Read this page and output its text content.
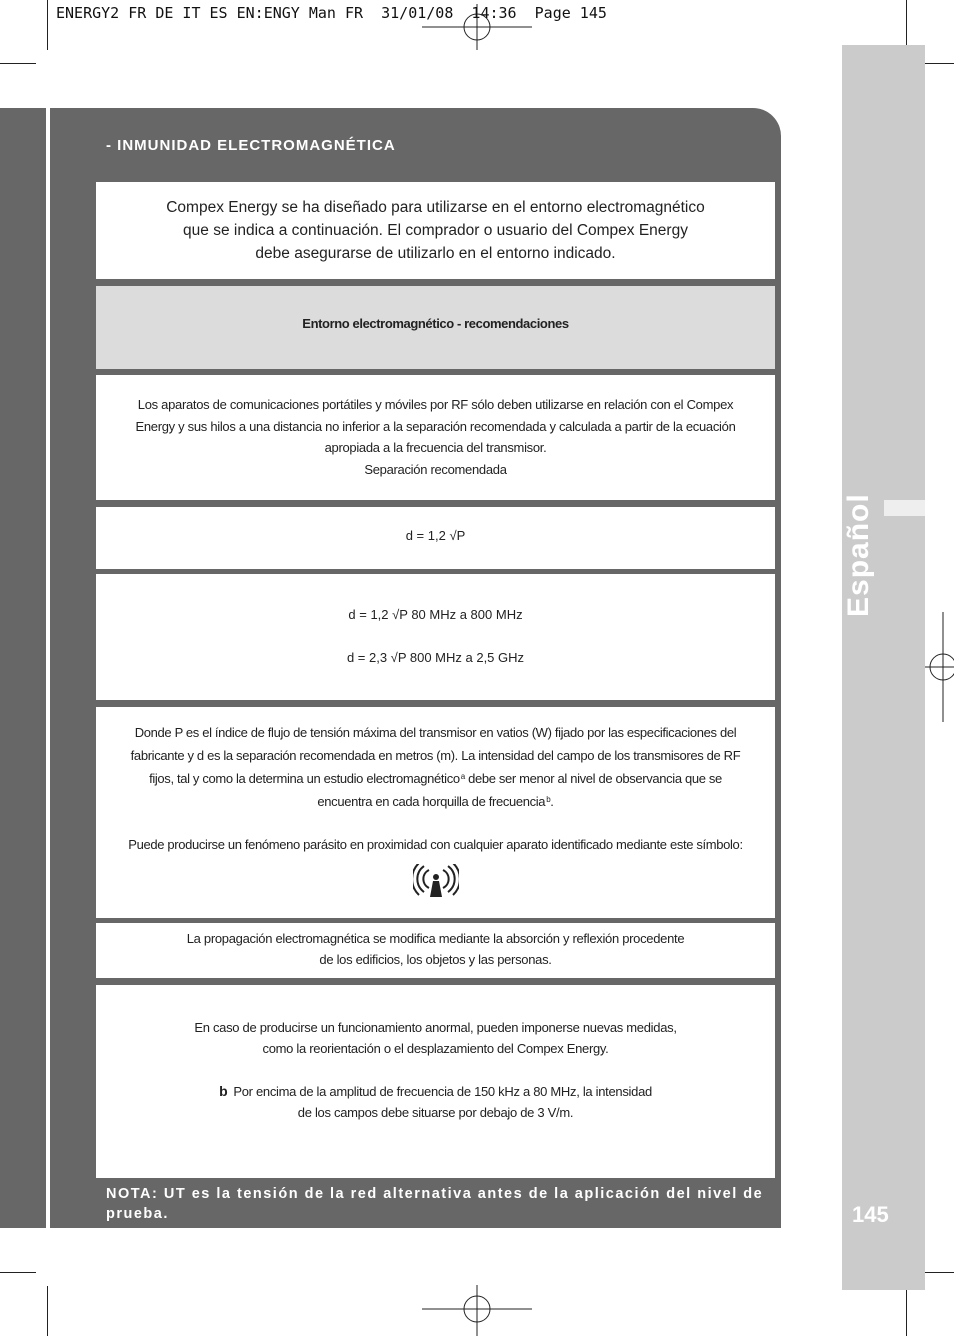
ENERGY2 FR DE IT ES EN:ENGY Man FR  31/01/08  14:36  Page 145
- INMUNIDAD ELECTROMAGNÉTICA

Compex Energy se ha diseñado para utilizarse en el entorno electromagnético

que se indica a continuación. El comprador o usuario del Compex Energy

debe asegurarse de utilizarlo en el entorno indicado.

Entorno electromagnético - recomendaciones

Los aparatos de comunicaciones portátiles y móviles por RF sólo deben utilizarse en relación con el Compex

Energy y sus hilos a una distancia no inferior a la separación recomendada y calculada a partir de la ecuación

apropiada a la frecuencia del transmisor.

Separación recomendada

d = 1,2 √P

d = 1,2 √P 80 MHz a 800 MHz

d = 2,3 √P 800 MHz a 2,5 GHz

Donde P es el índice de flujo de tensión máxima del transmisor en vatios (W) fijado por las especificaciones del

fabricante y d es la separación recomendada en metros (m). La intensidad del campo de los transmisores de RF

fijos, tal y como la determina un estudio electromagnético$^a$ debe ser menor al nivel de observancia que se

encuentra en cada horquilla de frecuencia$^b$.

Puede producirse un fenómeno parásito en proximidad con cualquier aparato identificado mediante este símbolo:

La propagación electromagnética se modifica mediante la absorción y reflexión procedente

de los edificios, los objetos y las personas.

En caso de producirse un funcionamiento anormal, pueden imponerse nuevas medidas,

como la reorientación o el desplazamiento del Compex Energy.

b Por encima de la amplitud de frecuencia de 150 kHz a 80 MHz, la intensidad

de los campos debe situarse por debajo de 3 V/m.

NOTA: UT es la tensión de la red alternativa antes de la aplicación del nivel de prueba.
Español
145
